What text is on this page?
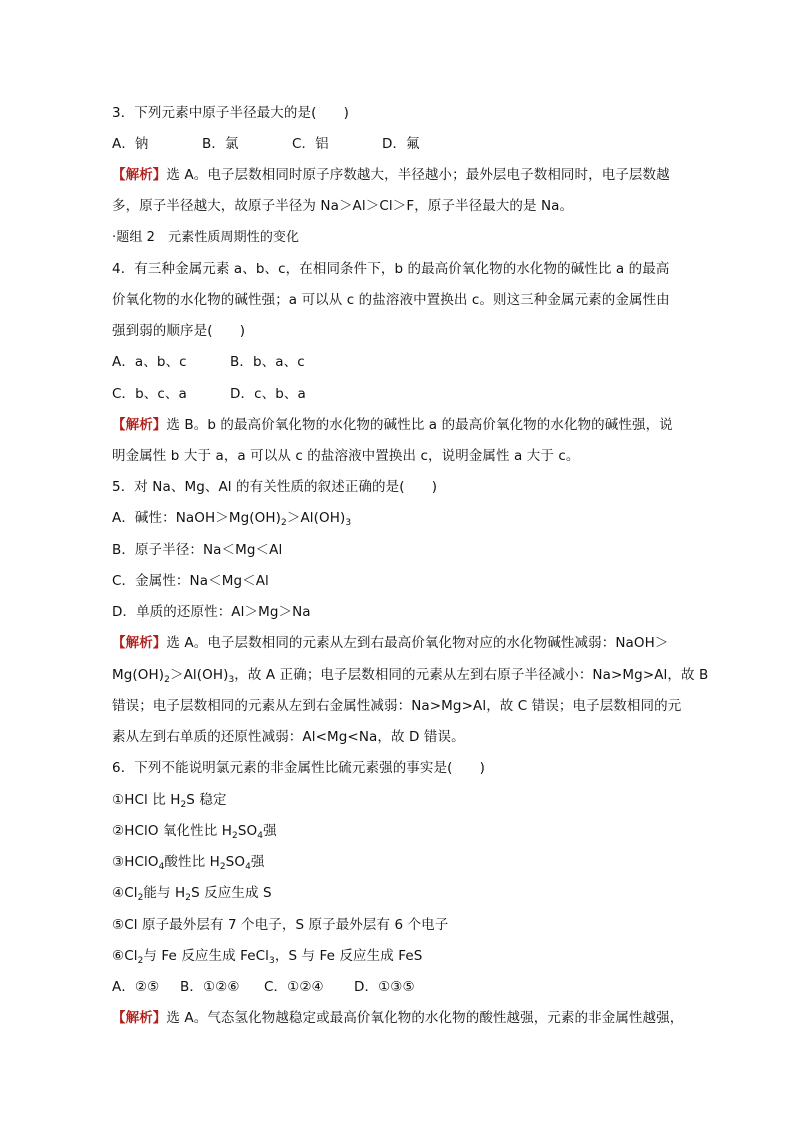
3．下列元素中原子半径最大的是(　　)
A．钠	B．氯	C．铝	D．氟
【解析】选 A。电子层数相同时原子序数越大，半径越小；最外层电子数相同时，电子层数越
多，原子半径越大，故原子半径为 Na＞Al＞Cl＞F，原子半径最大的是 Na。
·题组 2　元素性质周期性的变化
4．有三种金属元素 a、b、c，在相同条件下，b 的最高价氧化物的水化物的碱性比 a 的最高
价氧化物的水化物的碱性强；a 可以从 c 的盐溶液中置换出 c。则这三种金属元素的金属性由
强到弱的顺序是(　　)
A．a、b、c	B．b、a、c
C．b、c、a	D．c、b、a
【解析】选 B。b 的最高价氧化物的水化物的碱性比 a 的最高价氧化物的水化物的碱性强，说
明金属性 b 大于 a，a 可以从 c 的盐溶液中置换出 c，说明金属性 a 大于 c。
5．对 Na、Mg、Al 的有关性质的叙述正确的是(　　)
A．碱性：$NaOH>Mg(OH)_2>Al(OH)_3$
B．原子半径：Na＜Mg＜Al
C．金属性：Na＜Mg＜Al
D．单质的还原性：Al＞Mg＞Na
【解析】选 A。电子层数相同的元素从左到右最高价氧化物对应的水化物碱性减弱：NaOH＞
$Mg(OH)_2>Al(OH)_3$，故 A 正确；电子层数相同的元素从左到右原子半径减小：Na>Mg>Al，故 B
错误；电子层数相同的元素从左到右金属性减弱：Na>Mg>Al，故 C 错误；电子层数相同的元
素从左到右单质的还原性减弱：Al<Mg<Na，故 D 错误。
6．下列不能说明氯元素的非金属性比硫元素强的事实是(　　)
①HCl 比 $H_2S$ 稳定
②HClO 氧化性比 $H_2SO_4$强
③HClO$_4$酸性比 $H_2SO_4$强
$④Cl_2$能与 $H_2S$ 反应生成 S
⑤Cl 原子最外层有 7 个电子，S 原子最外层有 6 个电子
$⑥Cl_2$与 Fe 反应生成 FeCl$_3$，S 与 Fe 反应生成 FeS
A．②⑤ B．①②⑥ C．①②④ D．①③⑤
【解析】选 A。气态氢化物越稳定或最高价氧化物的水化物的酸性越强，元素的非金属性越强，
